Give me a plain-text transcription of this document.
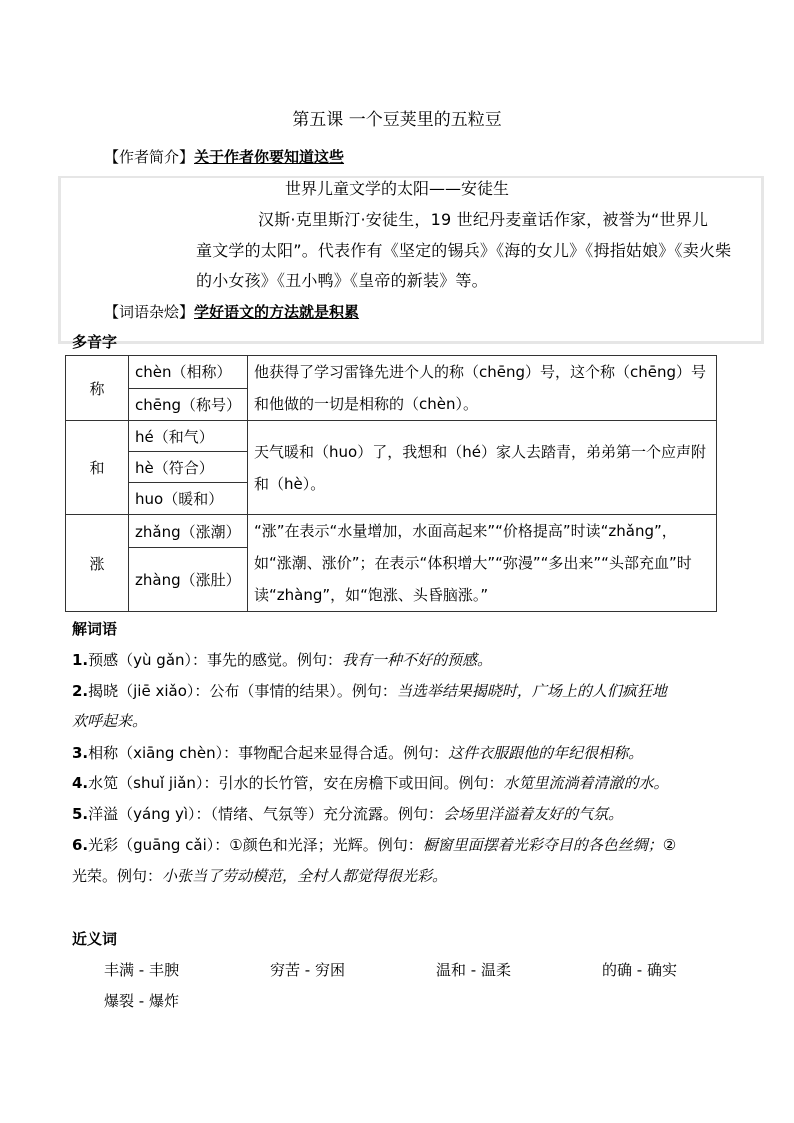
第五课 一个豆荚里的五粒豆
【作者简介】关于作者你要知道这些
世界儿童文学的太阳——安徒生
汉斯·克里斯汀·安徒生，19 世纪丹麦童话作家，被誉为“世界儿
童文学的太阳”。代表作有《坚定的锡兵》《海的女儿》《拇指姑娘》《卖火柴
的小女孩》《丑小鸭》《皇帝的新装》等。
【词语杂烩】学好语文的方法就是积累
多音字
称	chèn（相称）	他获得了学习雷锋先进个人的称（chēng）号，这个称（chēng）号和他做的一切是相称的（chèn）。
	chēng（称号）	
和	hé（和气）	天气暖和（huo）了，我想和（hé）家人去踏青，弟弟第一个应声附和（hè）。
	hè（符合）	
	huo（暖和）	
涨	zhǎng（涨潮）	“涨”在表示“水量增加，水面高起来”“价格提高”时读“zhǎng”，如“涨潮、涨价”；在表示“体积增大”“弥漫”“多出来”“头部充血”时读“zhàng”，如“饱涨、头昏脑涨。”
	zhàng（涨肚）	
解词语
1.预感（yù gǎn）：事先的感觉。例句：我有一种不好的预感。
2.揭晓（jiē xiǎo）：公布（事情的结果）。例句：当选举结果揭晓时，广场上的人们疯狂地
欢呼起来。
3.相称（xiāng chèn）：事物配合起来显得合适。例句：这件衣服跟他的年纪很相称。
4.水笕（shuǐ jiǎn）：引水的长竹管，安在房檐下或田间。例句：水笕里流淌着清澈的水。
5.洋溢（yáng yì）：（情绪、气氛等）充分流露。例句：会场里洋溢着友好的气氛。
6.光彩（guāng cǎi）：①颜色和光泽；光辉。例句：橱窗里面摆着光彩夺目的各色丝绸；②
光荣。例句：小张当了劳动模范，全村人都觉得很光彩。
近义词
丰满 - 丰腴	穷苦 - 穷困	温和 - 温柔	的确 - 确实
爆裂 - 爆炸
